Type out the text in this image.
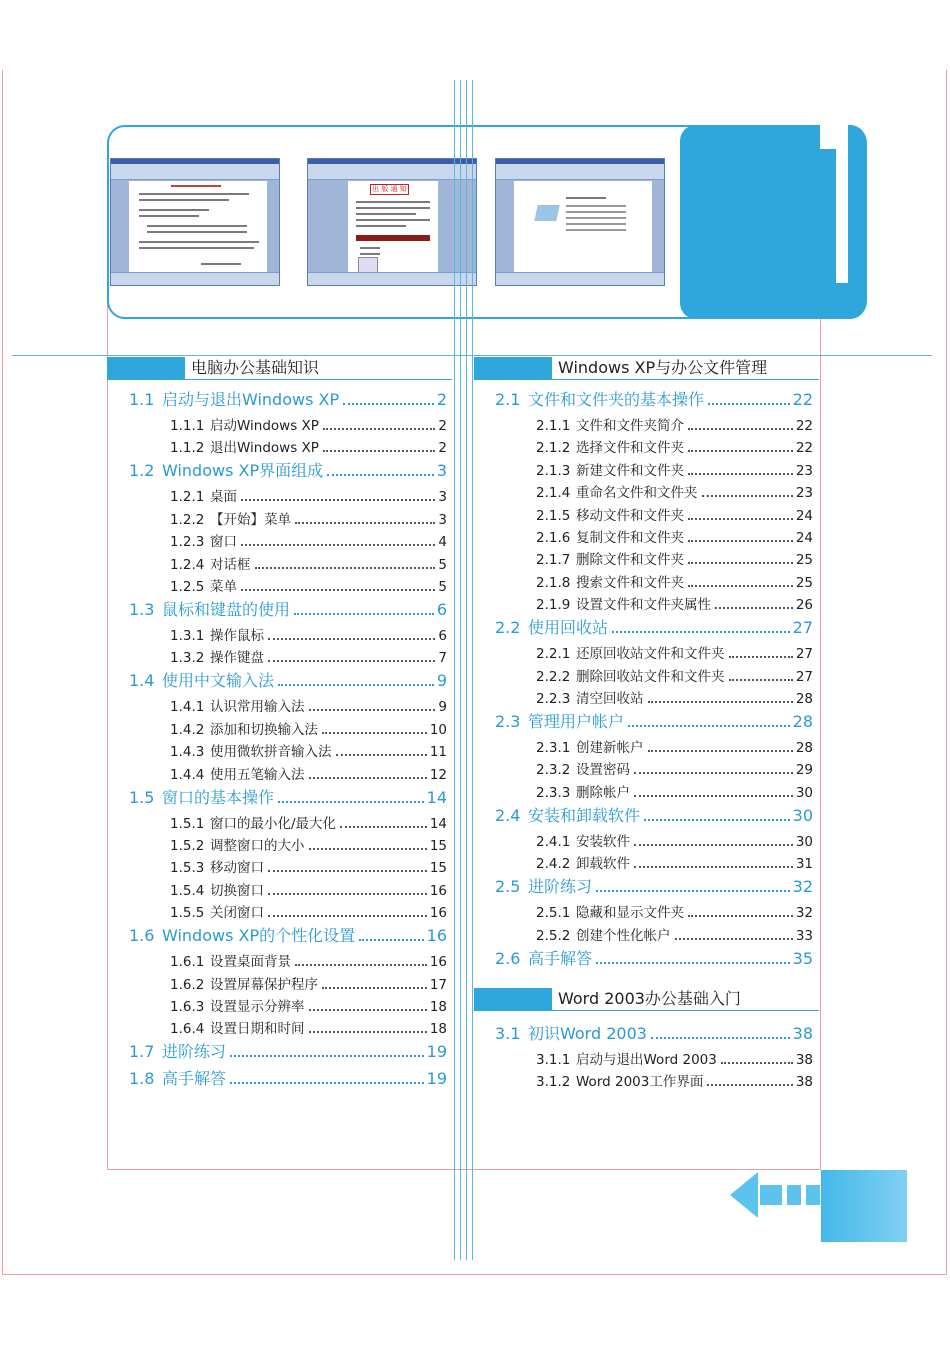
出 版 通 知
电脑办公基础知识	Windows XP与办公文件管理
Word 2003办公基础入门
1.1 启动与退出Windows XP	2
1.1.1 启动Windows XP	2
1.1.2 退出Windows XP	2
1.2 Windows XP界面组成	3
1.2.1 桌面	3
1.2.2 【开始】菜单	3
1.2.3 窗口	4
1.2.4 对话框	5
1.2.5 菜单	5
1.3 鼠标和键盘的使用	6
1.3.1 操作鼠标	6
1.3.2 操作键盘	7
1.4 使用中文输入法	9
1.4.1 认识常用输入法	9
1.4.2 添加和切换输入法	10
1.4.3 使用微软拼音输入法	11
1.4.4 使用五笔输入法	12
1.5 窗口的基本操作	14
1.5.1 窗口的最小化/最大化	14
1.5.2 调整窗口的大小	15
1.5.3 移动窗口	15
1.5.4 切换窗口	16
1.5.5 关闭窗口	16
1.6 Windows XP的个性化设置	16
1.6.1 设置桌面背景	16
1.6.2 设置屏幕保护程序	17
1.6.3 设置显示分辨率	18
1.6.4 设置日期和时间	18
1.7 进阶练习	19
1.8 高手解答	19
2.1 文件和文件夹的基本操作	22
2.1.1 文件和文件夹简介	22
2.1.2 选择文件和文件夹	22
2.1.3 新建文件和文件夹	23
2.1.4 重命名文件和文件夹	23
2.1.5 移动文件和文件夹	24
2.1.6 复制文件和文件夹	24
2.1.7 删除文件和文件夹	25
2.1.8 搜索文件和文件夹	25
2.1.9 设置文件和文件夹属性	26
2.2 使用回收站	27
2.2.1 还原回收站文件和文件夹	27
2.2.2 删除回收站文件和文件夹	27
2.2.3 清空回收站	28
2.3 管理用户帐户	28
2.3.1 创建新帐户	28
2.3.2 设置密码	29
2.3.3 删除帐户	30
2.4 安装和卸载软件	30
2.4.1 安装软件	30
2.4.2 卸载软件	31
2.5 进阶练习	32
2.5.1 隐藏和显示文件夹	32
2.5.2 创建个性化帐户	33
2.6 高手解答	35
3.1 初识Word 2003	38
3.1.1 启动与退出Word 2003	38
3.1.2 Word 2003工作界面	38
